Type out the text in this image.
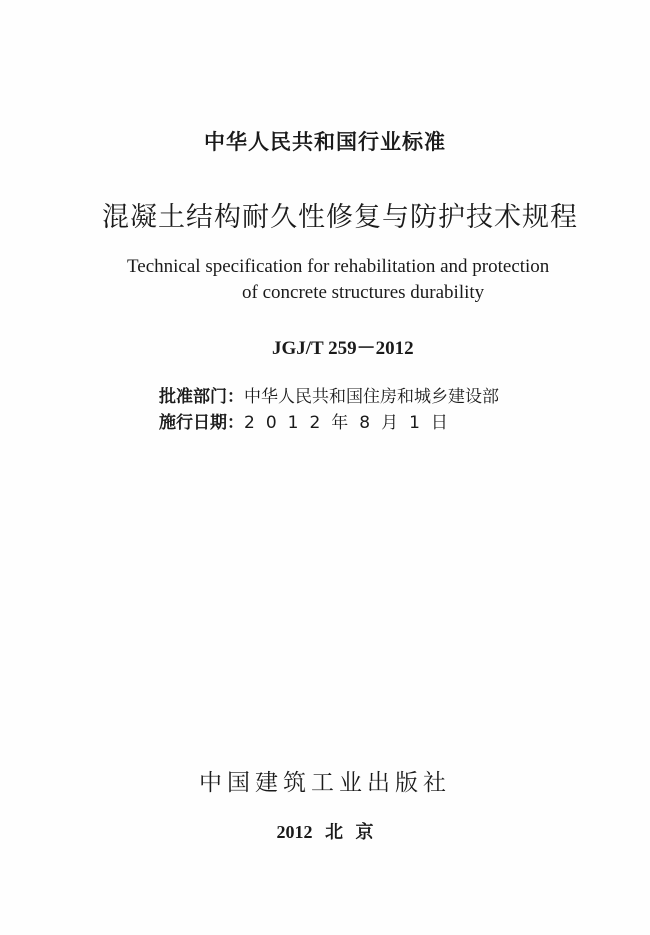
中华人民共和国行业标准

混凝土结构耐久性修复与防护技术规程

Technical specification for rehabilitation and protection

of concrete structures durability

JGJ/T 259－2012

批准部门： 中华人民共和国住房和城乡建设部
施行日期： 2012年8月1日

中国建筑工业出版社

2012 北 京
